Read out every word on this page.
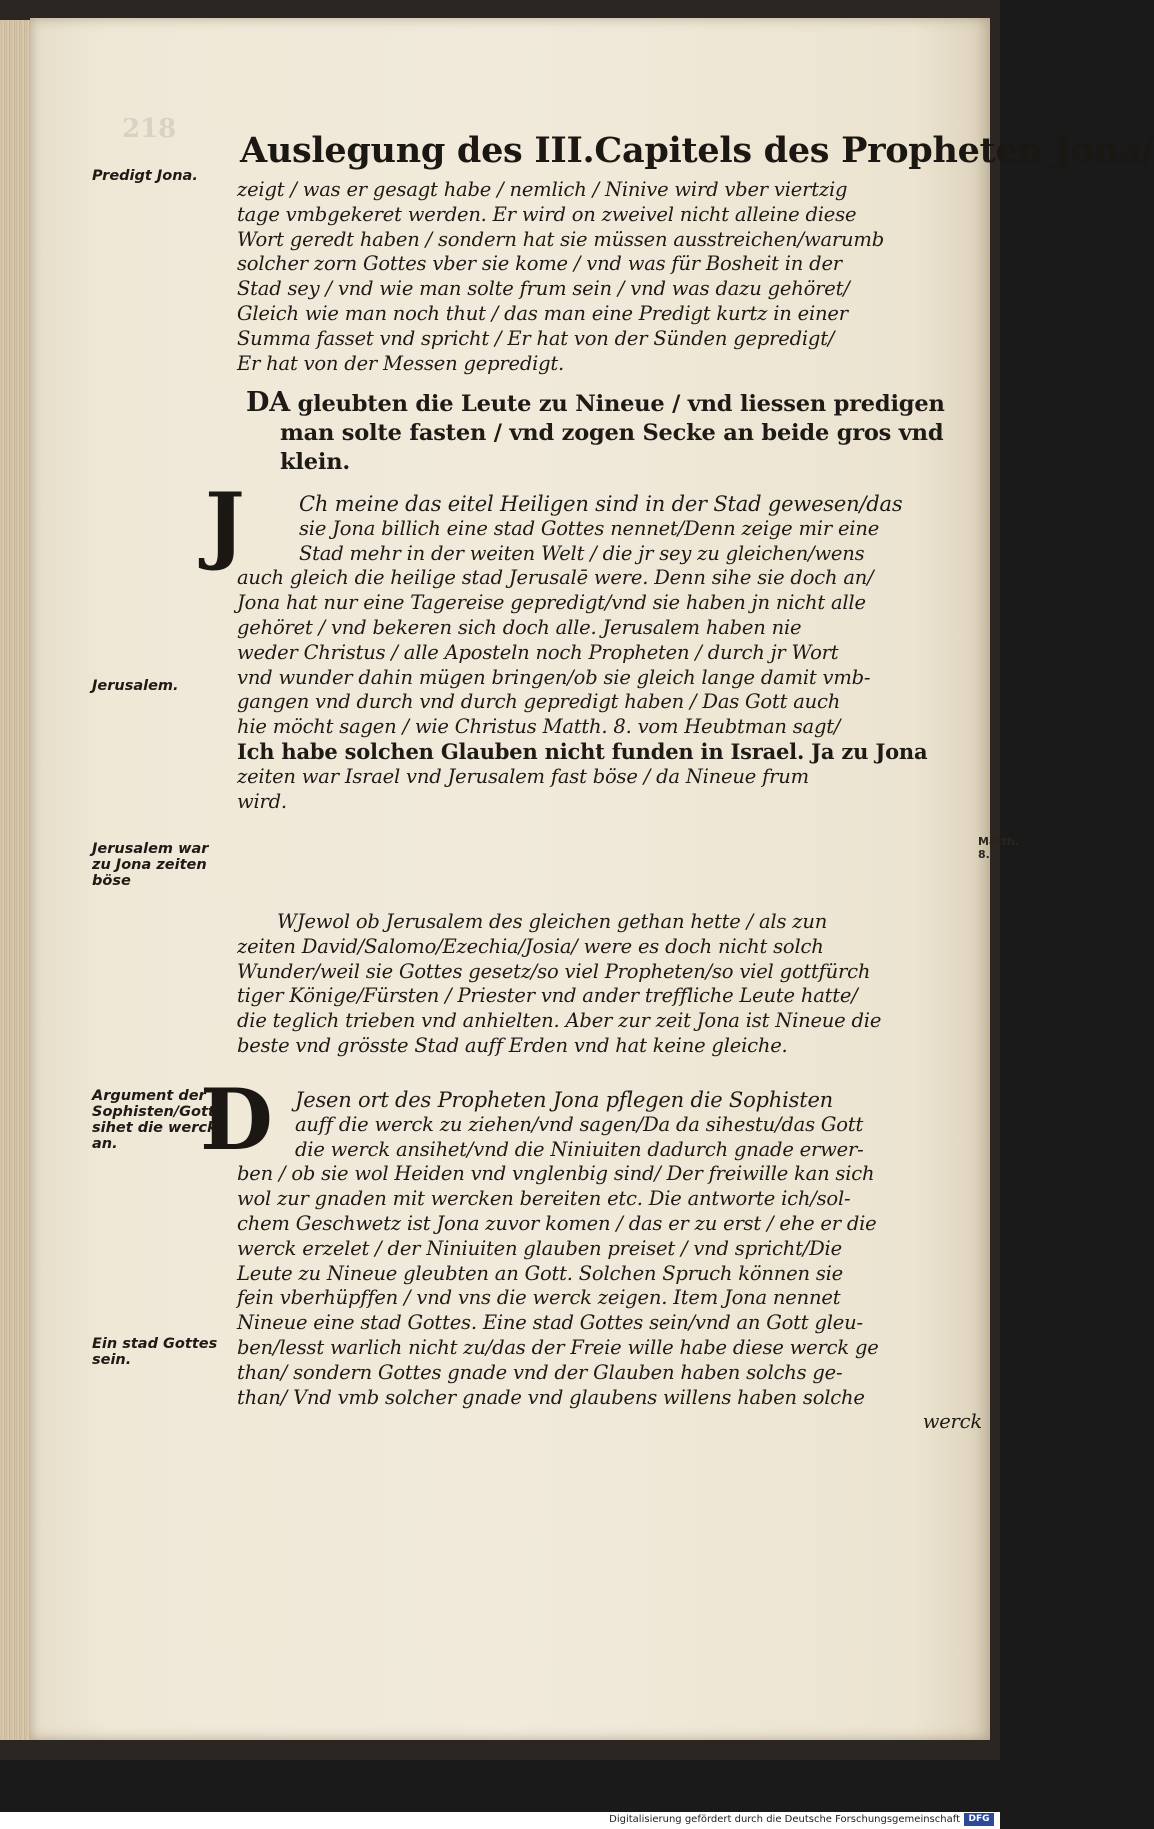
218
Auslegung des III.Capitels des Propheten Jona/
Predigt Jona.
zeigt / was er gesagt habe / nemlich / Ninive wird vber viertzig
tage vmbgekeret werden. Er wird on zweivel nicht alleine diese
Wort geredt haben / sondern hat sie müssen ausstreichen/warumb
solcher zorn Gottes vber sie kome / vnd was für Bosheit in der
Stad sey / vnd wie man solte frum sein / vnd was dazu gehöret/
Gleich wie man noch thut / das man eine Predigt kurtz in einer
Summa fasset vnd spricht / Er hat von der Sünden gepredigt/
Er hat von der Messen gepredigt.
DA gleubten die Leute zu Nineue / vnd liessen predigen
man solte fasten / vnd zogen Secke an beide gros vnd
klein.
J
Jerusalem.
Jerusalem war
zu Jona zeiten
böse
Ch meine das eitel Heiligen sind in der Stad gewesen/das
sie Jona billich eine stad Gottes nennet/Denn zeige mir eine
Stad mehr in der weiten Welt / die jr sey zu gleichen/wens
auch gleich die heilige stad Jerusalē were. Denn sihe sie doch an/
Jona hat nur eine Tagereise gepredigt/vnd sie haben jn nicht alle
gehöret / vnd bekeren sich doch alle. Jerusalem haben nie
weder Christus / alle Aposteln noch Propheten / durch jr Wort
vnd wunder dahin mügen bringen/ob sie gleich lange damit vmb-
gangen vnd durch vnd durch gepredigt haben / Das Gott auch
hie möcht sagen / wie Christus Matth. 8. vom Heubtman sagt/
Ich habe solchen Glauben nicht funden in Israel. Ja zu Jona
zeiten war Israel vnd Jerusalem fast böse / da Nineue frum
wird.
Matth. 8.
WJewol ob Jerusalem des gleichen gethan hette / als zun
zeiten David/Salomo/Ezechia/Josia/ were es doch nicht solch
Wunder/weil sie Gottes gesetz/so viel Propheten/so viel gottfürch
tiger Könige/Fürsten / Priester vnd ander treffliche Leute hatte/
die teglich trieben vnd anhielten. Aber zur zeit Jona ist Nineue die
beste vnd grösste Stad auff Erden vnd hat keine gleiche.
D
Argument der
Sophisten/Gott
sihet die werck
an.
Ein stad Gottes
sein.
Jesen ort des Propheten Jona pflegen die Sophisten
auff die werck zu ziehen/vnd sagen/Da da sihestu/das Gott
die werck ansihet/vnd die Niniuiten dadurch gnade erwer-
ben / ob sie wol Heiden vnd vnglenbig sind/ Der freiwille kan sich
wol zur gnaden mit wercken bereiten etc. Die antworte ich/sol-
chem Geschwetz ist Jona zuvor komen / das er zu erst / ehe er die
werck erzelet / der Niniuiten glauben preiset / vnd spricht/Die
Leute zu Nineue gleubten an Gott. Solchen Spruch können sie
fein vberhüpffen / vnd vns die werck zeigen. Item Jona nennet
Nineue eine stad Gottes. Eine stad Gottes sein/vnd an Gott gleu-
ben/lesst warlich nicht zu/das der Freie wille habe diese werck ge
than/ sondern Gottes gnade vnd der Glauben haben solchs ge-
than/ Vnd vmb solcher gnade vnd glaubens willens haben solche
werck
Digitalisierung gefördert durch die Deutsche Forschungsgemeinschaft DFG
